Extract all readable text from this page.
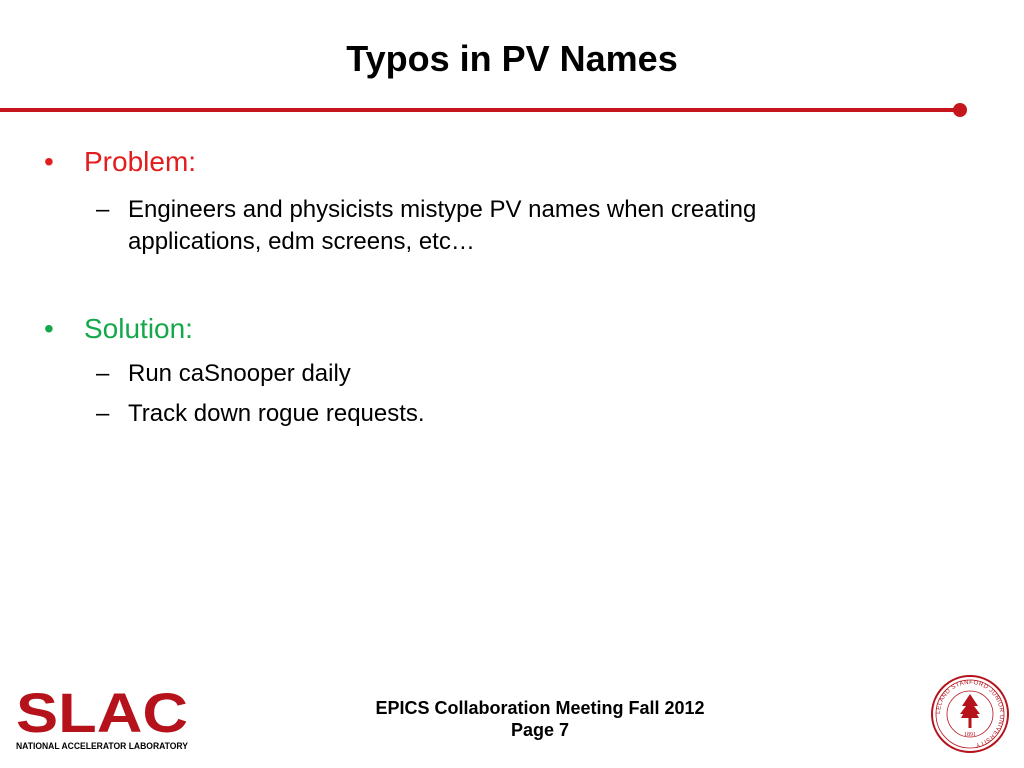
Typos in PV Names
• Problem:
– Engineers and physicists mistype PV names when creating applications, edm screens, etc…
• Solution:
– Run caSnooper daily
– Track down rogue requests.
EPICS Collaboration Meeting Fall 2012
Page 7
SLAC
NATIONAL ACCELERATOR LABORATORY
LELAND STANFORD JUNIOR UNIVERSITY
1891
